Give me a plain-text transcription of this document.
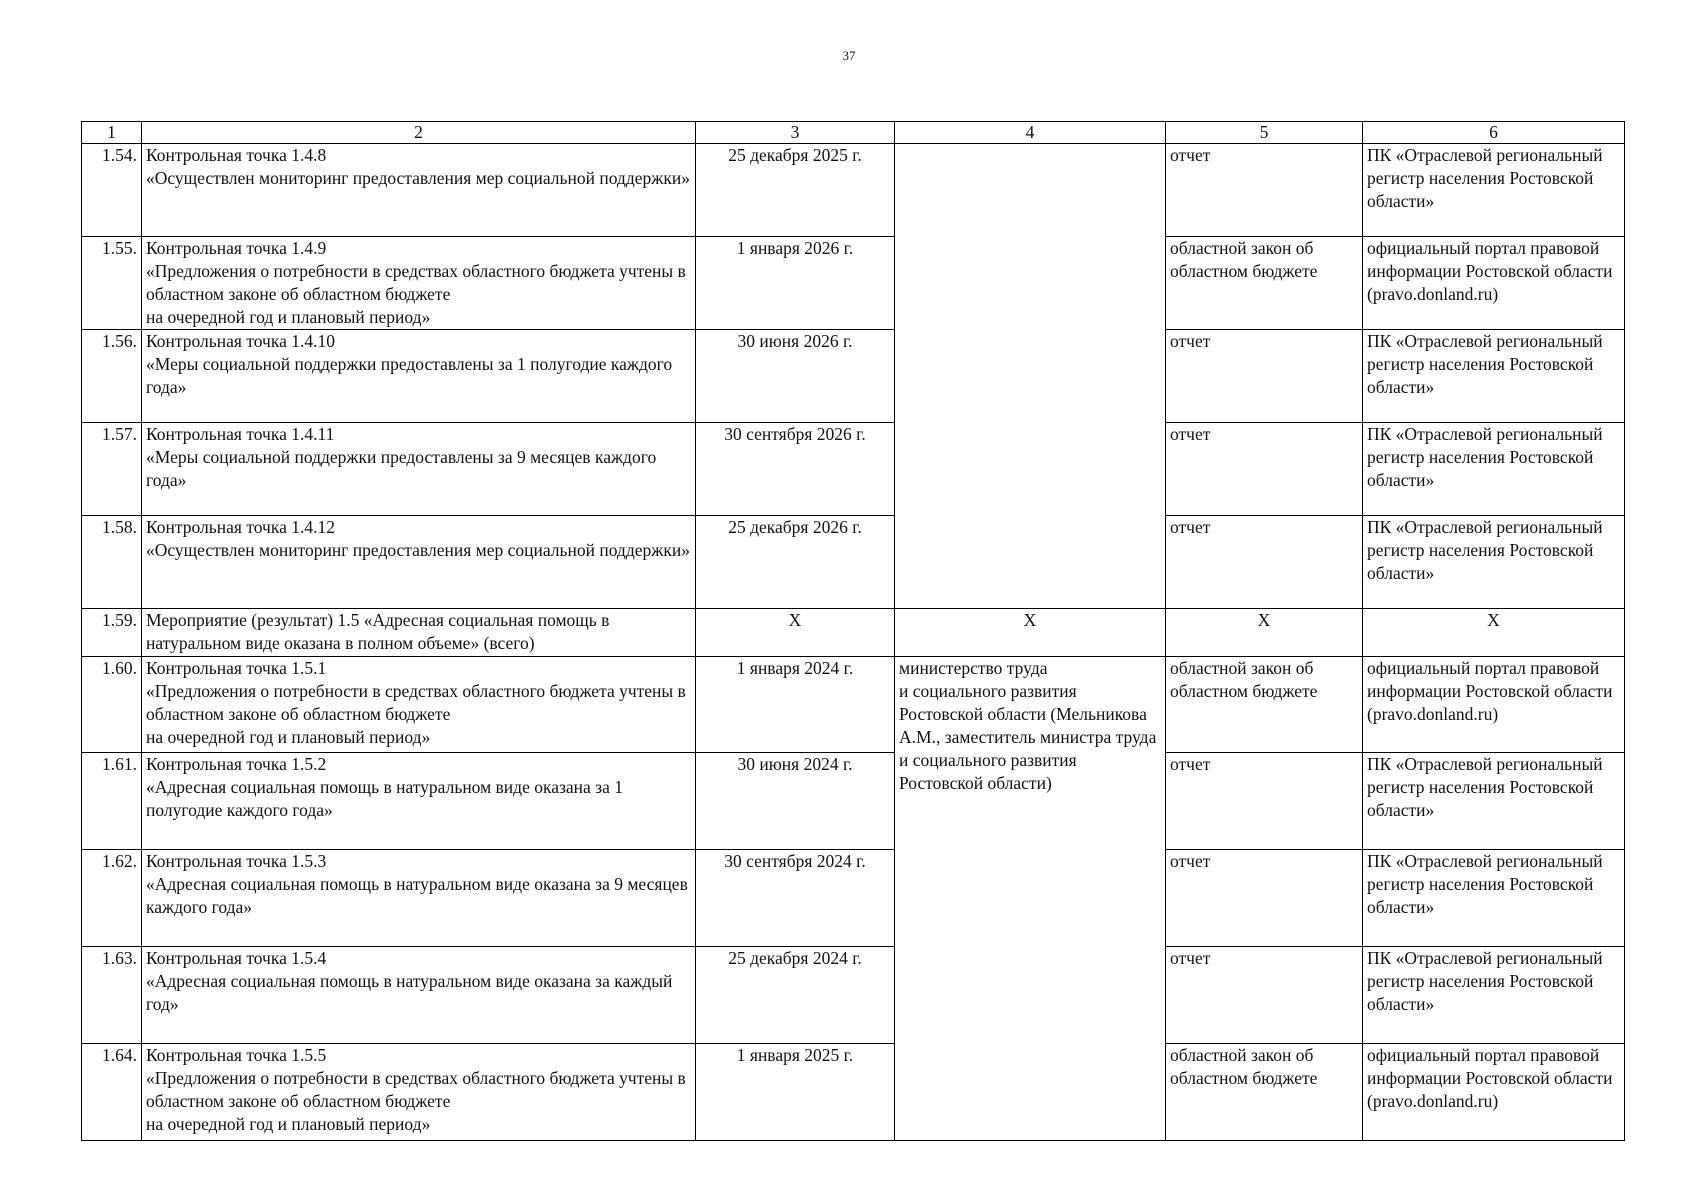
37
1	2	3	4	5	6
1.54.	Контрольная точка 1.4.8
«Осуществлен мониторинг предоставления мер социальной поддержки»	25 декабря 2025 г.		отчет	ПК «Отраслевой региональный регистр населения Ростовской области»
1.55.	Контрольная точка 1.4.9
«Предложения о потребности в средствах областного бюджета учтены в областном законе об областном бюджете
на очередной год и плановый период»	1 января 2026 г.		областной закон об областном бюджете	официальный портал правовой информации Ростовской области (pravo.donland.ru)
1.56.	Контрольная точка 1.4.10
«Меры социальной поддержки предоставлены за 1 полугодие каждого года»	30 июня 2026 г.		отчет	ПК «Отраслевой региональный регистр населения Ростовской области»
1.57.	Контрольная точка 1.4.11
«Меры социальной поддержки предоставлены за 9 месяцев каждого года»	30 сентября 2026 г.		отчет	ПК «Отраслевой региональный регистр населения Ростовской области»
1.58.	Контрольная точка 1.4.12
«Осуществлен мониторинг предоставления мер социальной поддержки»	25 декабря 2026 г.		отчет	ПК «Отраслевой региональный регистр населения Ростовской области»
1.59.	Мероприятие (результат) 1.5 «Адресная социальная помощь в натуральном виде оказана в полном объеме» (всего)	X	X	X	X
1.60.	Контрольная точка 1.5.1
«Предложения о потребности в средствах областного бюджета учтены в областном законе об областном бюджете
на очередной год и плановый период»	1 января 2024 г.	министерство труда
и социального развития Ростовской области (Мельникова А.М., заместитель министра труда и социального развития Ростовской области)	областной закон об областном бюджете	официальный портал правовой информации Ростовской области (pravo.donland.ru)
1.61.	Контрольная точка 1.5.2
«Адресная социальная помощь в натуральном виде оказана за 1 полугодие каждого года»	30 июня 2024 г.		отчет	ПК «Отраслевой региональный регистр населения Ростовской области»
1.62.	Контрольная точка 1.5.3
«Адресная социальная помощь в натуральном виде оказана за 9 месяцев каждого года»	30 сентября 2024 г.		отчет	ПК «Отраслевой региональный регистр населения Ростовской области»
1.63.	Контрольная точка 1.5.4
«Адресная социальная помощь в натуральном виде оказана за каждый год»	25 декабря 2024 г.		отчет	ПК «Отраслевой региональный регистр населения Ростовской области»
1.64.	Контрольная точка 1.5.5
«Предложения о потребности в средствах областного бюджета учтены в областном законе об областном бюджете
на очередной год и плановый период»	1 января 2025 г.		областной закон об областном бюджете	официальный портал правовой информации Ростовской области (pravo.donland.ru)
